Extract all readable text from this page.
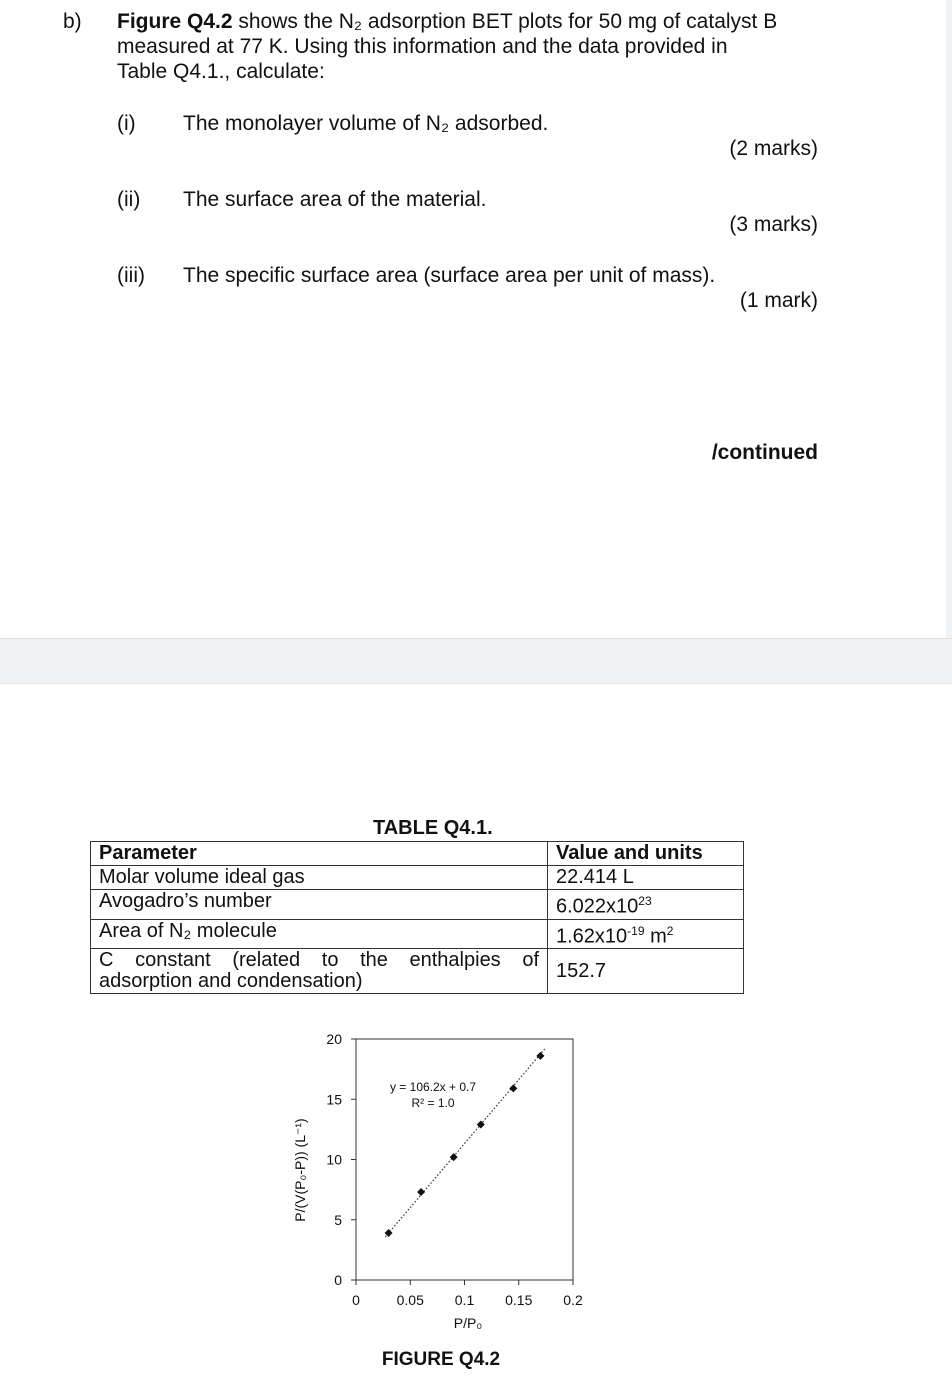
b) Figure Q4.2 shows the N₂ adsorption BET plots for 50 mg of catalyst B
measured at 77 K. Using this information and the data provided in
Table Q4.1., calculate:
(i) The monolayer volume of N₂ adsorbed.
(2 marks)
(ii) The surface area of the material.
(3 marks)
(iii) The specific surface area (surface area per unit of mass).
(1 mark)
/continued
TABLE Q4.1.
Parameter	Value and units
Molar volume ideal gas	22.414 L
Avogadro’s number	$6.022x10^{23}$
Area of N₂ molecule	$1.62x10^{-19}$ $m^2$

C constant (related to the enthalpies of
adsorption and condensation)	152.7
0
5
10
15
20
0	0.05 0.1 0.15 0.2
y = 106.2x + 0.7
R² = 1.0
P/P₀
P/(V(P₀-P)) (L⁻¹)
FIGURE Q4.2
